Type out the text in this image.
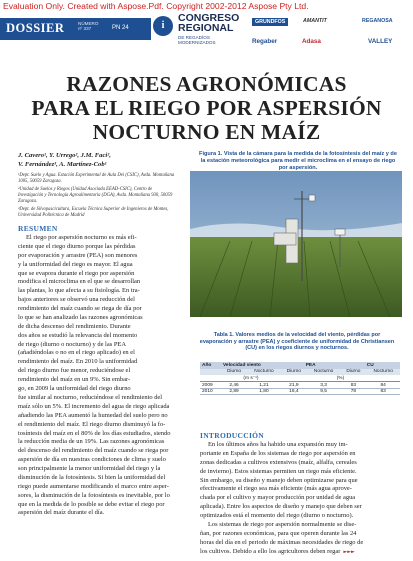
Evaluation Only. Created with Aspose.Pdf. Copyright 2002-2012 Aspose Pty Ltd.
DOSSIER	NÚMERO
nº 337	PN 24	i
CONGRESO
REGIONAL
DE REGADÍOS
MODERNIZADOS
GRUNDFOS	AMANTIT	REGANOSA
Regaber	Adasa	VALLEY
RAZONES AGRONÓMICAS
PARA EL RIEGO POR ASPERSIÓN
NOCTURNO EN MAÍZ
J. Cavero¹, Y. Urrego², J.M. Faci²,
V. Fernández³, A. Martínez-Cob¹
¹Dept. Suelo y Agua. Estación Experimental de Aula Dei (CSIC), Avda. Montañana 1005, 50059 Zaragoza.
²Unidad de Suelos y Riegos (Unidad Asociada EEAD-CSIC), Centro de Investigación y Tecnología Agroalimentaria (DGA), Avda. Montañana 930, 50059 Zaragoza.
³Dept. de Silvopascicultura, Escuela Técnica Superior de Ingenieros de Montes, Universidad Politécnica de Madrid
Figura 1. Vista de la cámara para la medida de la fotosíntesis del maíz y de la estación meteorológica para medir el microclima en el ensayo de riego por aspersión.
Tabla 1. Valores medios de la velocidad del viento, pérdidas por evaporación y arrastre (PEA) y coeficiente de uniformidad de Christiansen (CU) en los riegos diurnos y nocturnos.
Año	Velocidad viento		PEA		CU	
	Diurno	Nocturno	Diurno	Nocturno	Diurno	Nocturno
	(m s⁻¹)		(%)			
2009	2,46	1,21	21,9	3,3	83	84
2010	2,89	1,80	16,4	9,5	78	83
RESUMEN
El riego por aspersión nocturno es más efi-
ciente que el riego diurno porque las pérdidas
por evaporación y arrastre (PEA) son menores
y la uniformidad del riego es mayor. El agua
que se evapora durante el riego por aspersión
modifica el microclima en el que se desarrollan
las plantas, lo que afecta a su fisiología. En tra-
bajos anteriores se observó una reducción del
rendimiento del maíz cuando se riega de día por
lo que se han analizado las razones agronómicas
de dicha descenso del rendimiento. Durante
dos años se estudió la relevancia del momento
de riego (diurno o nocturno) y de las PEA
(añadiéndolas o no en el riego aplicado) en el
rendimiento del maíz. En 2010 la uniformidad
del riego diurno fue menor, reduciéndose el
rendimiento del maíz en un 9%. Sin embar-
go, en 2009 la uniformidad del riego diurno
fue similar al nocturno, reduciéndose el rendimiento del
maíz sólo un 5%. El incremento del agua de riego aplicada
añadiendo las PEA aumentó la humedad del suelo pero no
el rendimiento del maíz. El riego diurno disminuyó la fo-
tosíntesis del maíz en el 80% de los días estudiados, siendo
la reducción media de un 19%. Las razones agronómicas
del descenso del rendimiento del maíz cuando se riega por
aspersión de día en nuestras condiciones de clima y suelo
son principalmente la menor uniformidad del riego y la
disminución de la fotosíntesis. Si bien la uniformidad del
riego puede aumentarse modificando el marco entre asper-
sores, la disminución de la fotosíntesis es inevitable, por lo
que en la medida de lo posible se debe evitar el riego por
aspersión del maíz durante el día.
INTRODUCCIÓN
En los últimos años ha habido una expansión muy im-
portante en España de los sistemas de riego por aspersión en
zonas dedicadas a cultivos extensivos (maíz, alfalfa, cereales
de invierno). Estos sistemas permiten un riego más eficiente.
Sin embargo, su diseño y manejo deben optimizarse para que
efectivamente el riego sea más eficiente (más agua aprove-
chada por el cultivo y mayor producción por unidad de agua
aplicada). Entre los aspectos de diseño y manejo que deben ser
optimizados está el momento del riego (diurno o nocturno).
Los sistemas de riego por aspersión normalmente se dise-
ñan, por razones económicas, para que operen durante las 24
horas del día en el periodo de máximas necesidades de riego de
los cultivos. Debido a ello los agricultores deben regar ►►►
